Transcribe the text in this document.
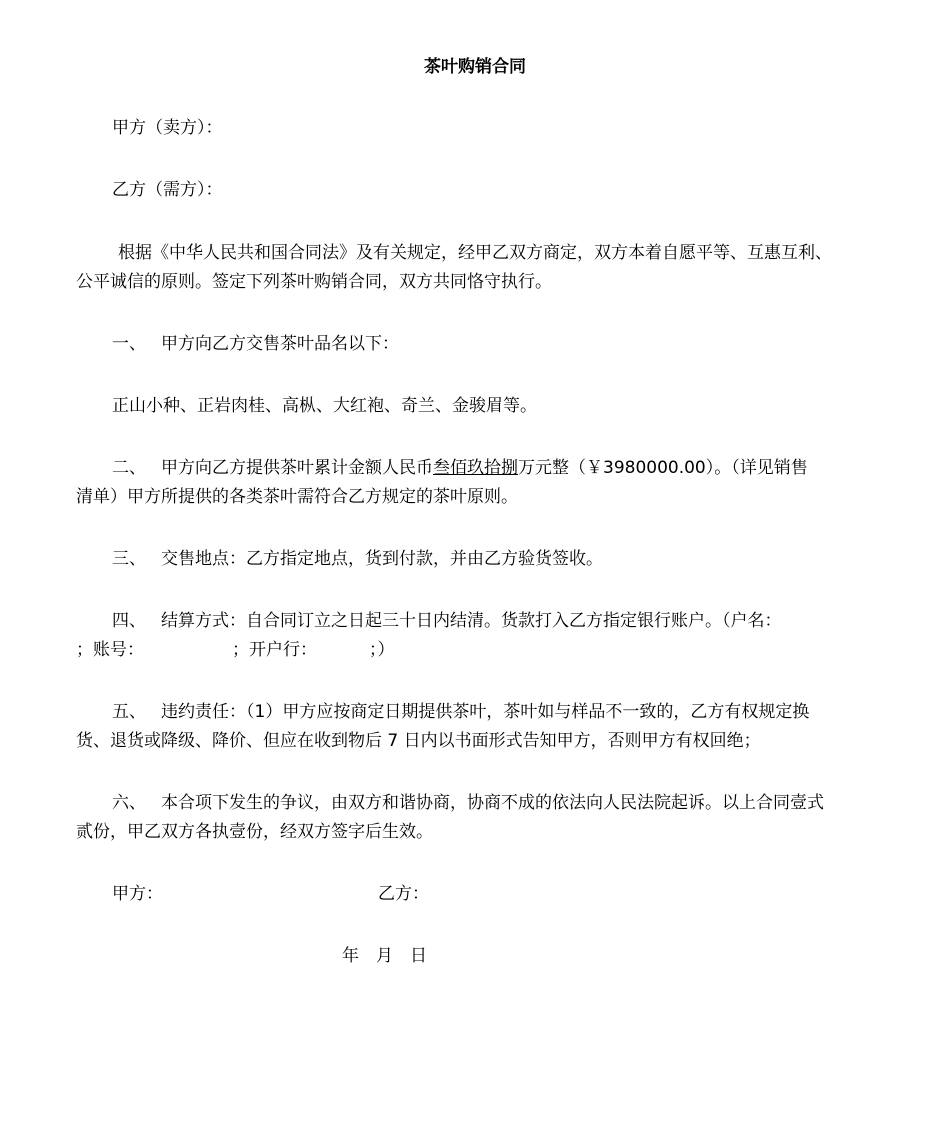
茶叶购销合同
甲方（卖方）：
乙方（需方）：
根据《中华人民共和国合同法》及有关规定，经甲乙双方商定，双方本着自愿平等、互惠互利、
公平诚信的原则。签定下列茶叶购销合同，双方共同恪守执行。
一、 甲方向乙方交售茶叶品名以下：
正山小种、正岩肉桂、高枞、大红袍、奇兰、金骏眉等。
二、 甲方向乙方提供茶叶累计金额人民币叁佰玖拾捌万元整（￥3980000.00）。（详见销售
清单）甲方所提供的各类茶叶需符合乙方规定的茶叶原则。
三、 交售地点：乙方指定地点，货到付款，并由乙方验货签收。
四、 结算方式：自合同订立之日起三十日内结清。货款打入乙方指定银行账户。（户名：
；账号：	；开户行：	；）
五、 违约责任：（1）甲方应按商定日期提供茶叶，茶叶如与样品不一致的，乙方有权规定换
货、退货或降级、降价、但应在收到物后 7 日内以书面形式告知甲方，否则甲方有权回绝；
六、 本合项下发生的争议，由双方和谐协商，协商不成的依法向人民法院起诉。以上合同壹式
贰份，甲乙双方各执壹份，经双方签字后生效。
甲方：	乙方：
年　月　日
